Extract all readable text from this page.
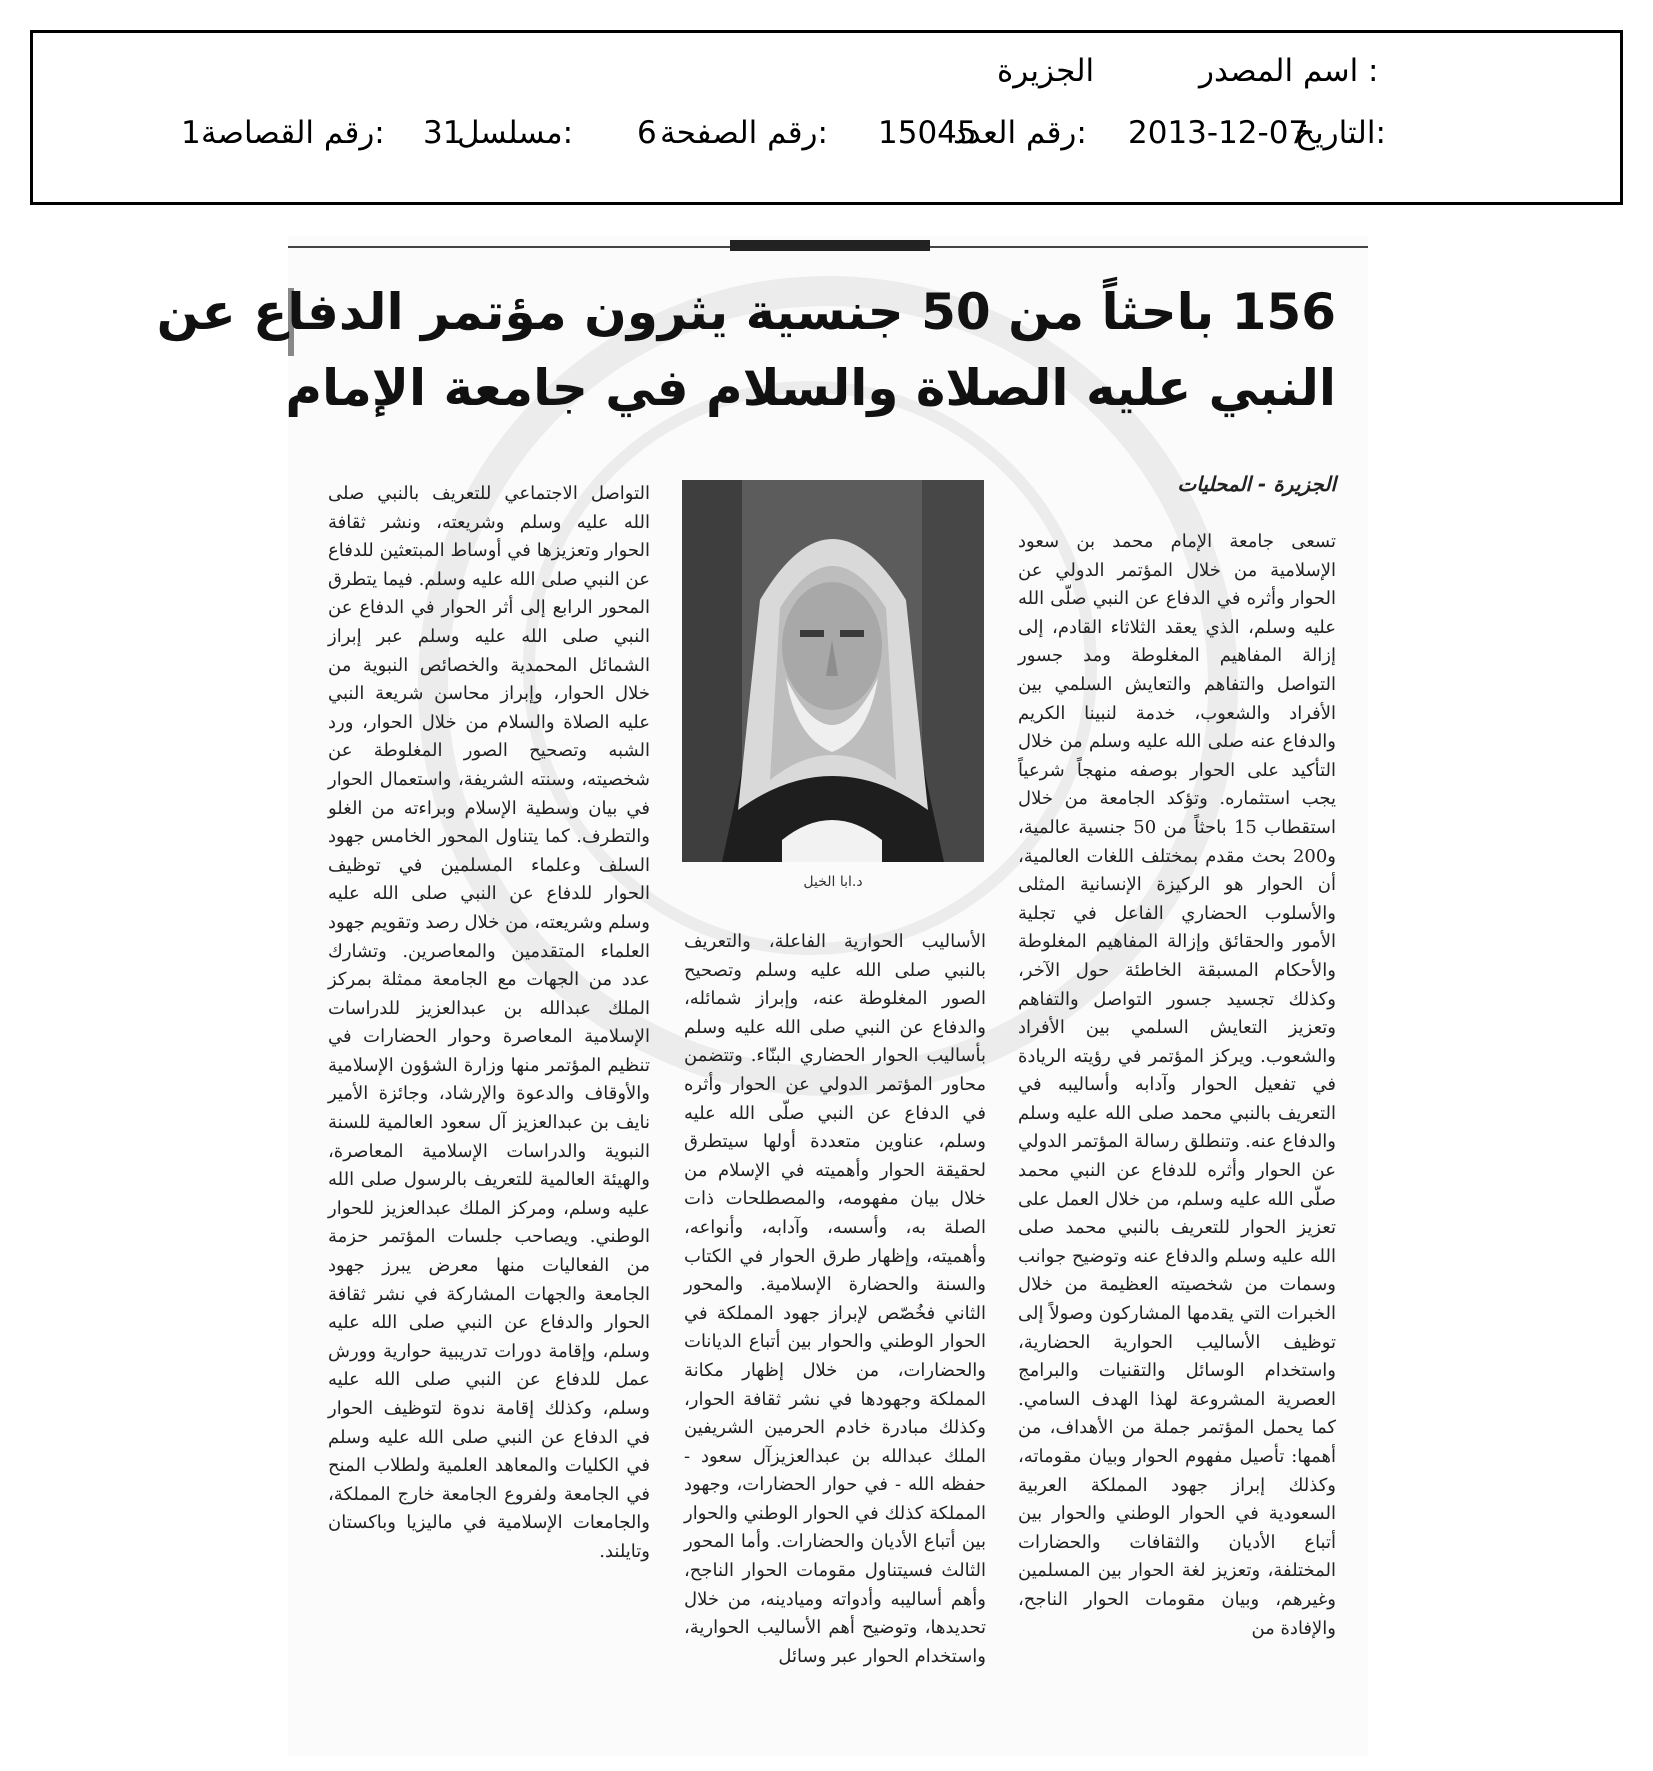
اسم المصدر :
الجزيرة
التاريخ:
2013-12-07
رقم العدد:
15045
رقم الصفحة:
6
مسلسل:
31
رقم القصاصة:
1
156 باحثاً من 50 جنسية يثرون مؤتمر الدفاع عن
النبي عليه الصلاة والسلام في جامعة الإمام
الجزيرة - المحليات

تسعى جامعة الإمام محمد بن سعود الإسلامية من خلال المؤتمر الدولي عن الحوار وأثره في الدفاع عن النبي صلّى الله عليه وسلم، الذي يعقد الثلاثاء القادم، إلى إزالة المفاهيم المغلوطة ومد جسور التواصل والتفاهم والتعايش السلمي بين الأفراد والشعوب، خدمة لنبينا الكريم والدفاع عنه صلى الله عليه وسلم من خلال التأكيد على الحوار بوصفه منهجاً شرعياً يجب استثماره. وتؤكد الجامعة من خلال استقطاب 15 باحثاً من 50 جنسية عالمية، و200 بحث مقدم بمختلف اللغات العالمية، أن الحوار هو الركيزة الإنسانية المثلى والأسلوب الحضاري الفاعل في تجلية الأمور والحقائق وإزالة المفاهيم المغلوطة والأحكام المسبقة الخاطئة حول الآخر، وكذلك تجسيد جسور التواصل والتفاهم وتعزيز التعايش السلمي بين الأفراد والشعوب. ويركز المؤتمر في رؤيته الريادة في تفعيل الحوار وآدابه وأساليبه في التعريف بالنبي محمد صلى الله عليه وسلم والدفاع عنه. وتنطلق رسالة المؤتمر الدولي عن الحوار وأثره للدفاع عن النبي محمد صلّى الله عليه وسلم، من خلال العمل على تعزيز الحوار للتعريف بالنبي محمد صلى الله عليه وسلم والدفاع عنه وتوضيح جوانب وسمات من شخصيته العظيمة من خلال الخبرات التي يقدمها المشاركون وصولاً إلى توظيف الأساليب الحوارية الحضارية، واستخدام الوسائل والتقنيات والبرامج العصرية المشروعة لهذا الهدف السامي. كما يحمل المؤتمر جملة من الأهداف، من أهمها: تأصيل مفهوم الحوار وبيان مقوماته، وكذلك إبراز جهود المملكة العربية السعودية في الحوار الوطني والحوار بين أتباع الأديان والثقافات والحضارات المختلفة، وتعزيز لغة الحوار بين المسلمين وغيرهم، وبيان مقومات الحوار الناجح، والإفادة من

د.ابا الخيل

الأساليب الحوارية الفاعلة، والتعريف بالنبي صلى الله عليه وسلم وتصحيح الصور المغلوطة عنه، وإبراز شمائله، والدفاع عن النبي صلى الله عليه وسلم بأساليب الحوار الحضاري البنّاء. وتتضمن محاور المؤتمر الدولي عن الحوار وأثره في الدفاع عن النبي صلّى الله عليه وسلم، عناوين متعددة أولها سيتطرق لحقيقة الحوار وأهميته في الإسلام من خلال بيان مفهومه، والمصطلحات ذات الصلة به، وأسسه، وآدابه، وأنواعه، وأهميته، وإظهار طرق الحوار في الكتاب والسنة والحضارة الإسلامية. والمحور الثاني فخُصّص لإبراز جهود المملكة في الحوار الوطني والحوار بين أتباع الديانات والحضارات، من خلال إظهار مكانة المملكة وجهودها في نشر ثقافة الحوار، وكذلك مبادرة خادم الحرمين الشريفين الملك عبدالله بن عبدالعزيزآل سعود - حفظه الله - في حوار الحضارات، وجهود المملكة كذلك في الحوار الوطني والحوار بين أتباع الأديان والحضارات. وأما المحور الثالث فسيتناول مقومات الحوار الناجح، وأهم أساليبه وأدواته وميادينه، من خلال تحديدها، وتوضيح أهم الأساليب الحوارية، واستخدام الحوار عبر وسائل

التواصل الاجتماعي للتعريف بالنبي صلى الله عليه وسلم وشريعته، ونشر ثقافة الحوار وتعزيزها في أوساط المبتعثين للدفاع عن النبي صلى الله عليه وسلم. فيما يتطرق المحور الرابع إلى أثر الحوار في الدفاع عن النبي صلى الله عليه وسلم عبر إبراز الشمائل المحمدية والخصائص النبوية من خلال الحوار، وإبراز محاسن شريعة النبي عليه الصلاة والسلام من خلال الحوار، ورد الشبه وتصحيح الصور المغلوطة عن شخصيته، وسنته الشريفة، واستعمال الحوار في بيان وسطية الإسلام وبراءته من الغلو والتطرف. كما يتناول المحور الخامس جهود السلف وعلماء المسلمين في توظيف الحوار للدفاع عن النبي صلى الله عليه وسلم وشريعته، من خلال رصد وتقويم جهود العلماء المتقدمين والمعاصرين. وتشارك عدد من الجهات مع الجامعة ممثلة بمركز الملك عبدالله بن عبدالعزيز للدراسات الإسلامية المعاصرة وحوار الحضارات في تنظيم المؤتمر منها وزارة الشؤون الإسلامية والأوقاف والدعوة والإرشاد، وجائزة الأمير نايف بن عبدالعزيز آل سعود العالمية للسنة النبوية والدراسات الإسلامية المعاصرة، والهيئة العالمية للتعريف بالرسول صلى الله عليه وسلم، ومركز الملك عبدالعزيز للحوار الوطني. ويصاحب جلسات المؤتمر حزمة من الفعاليات منها معرض يبرز جهود الجامعة والجهات المشاركة في نشر ثقافة الحوار والدفاع عن النبي صلى الله عليه وسلم، وإقامة دورات تدريبية حوارية وورش عمل للدفاع عن النبي صلى الله عليه وسلم، وكذلك إقامة ندوة لتوظيف الحوار في الدفاع عن النبي صلى الله عليه وسلم في الكليات والمعاهد العلمية ولطلاب المنح في الجامعة ولفروع الجامعة خارج المملكة، والجامعات الإسلامية في ماليزيا وباكستان وتايلند.
